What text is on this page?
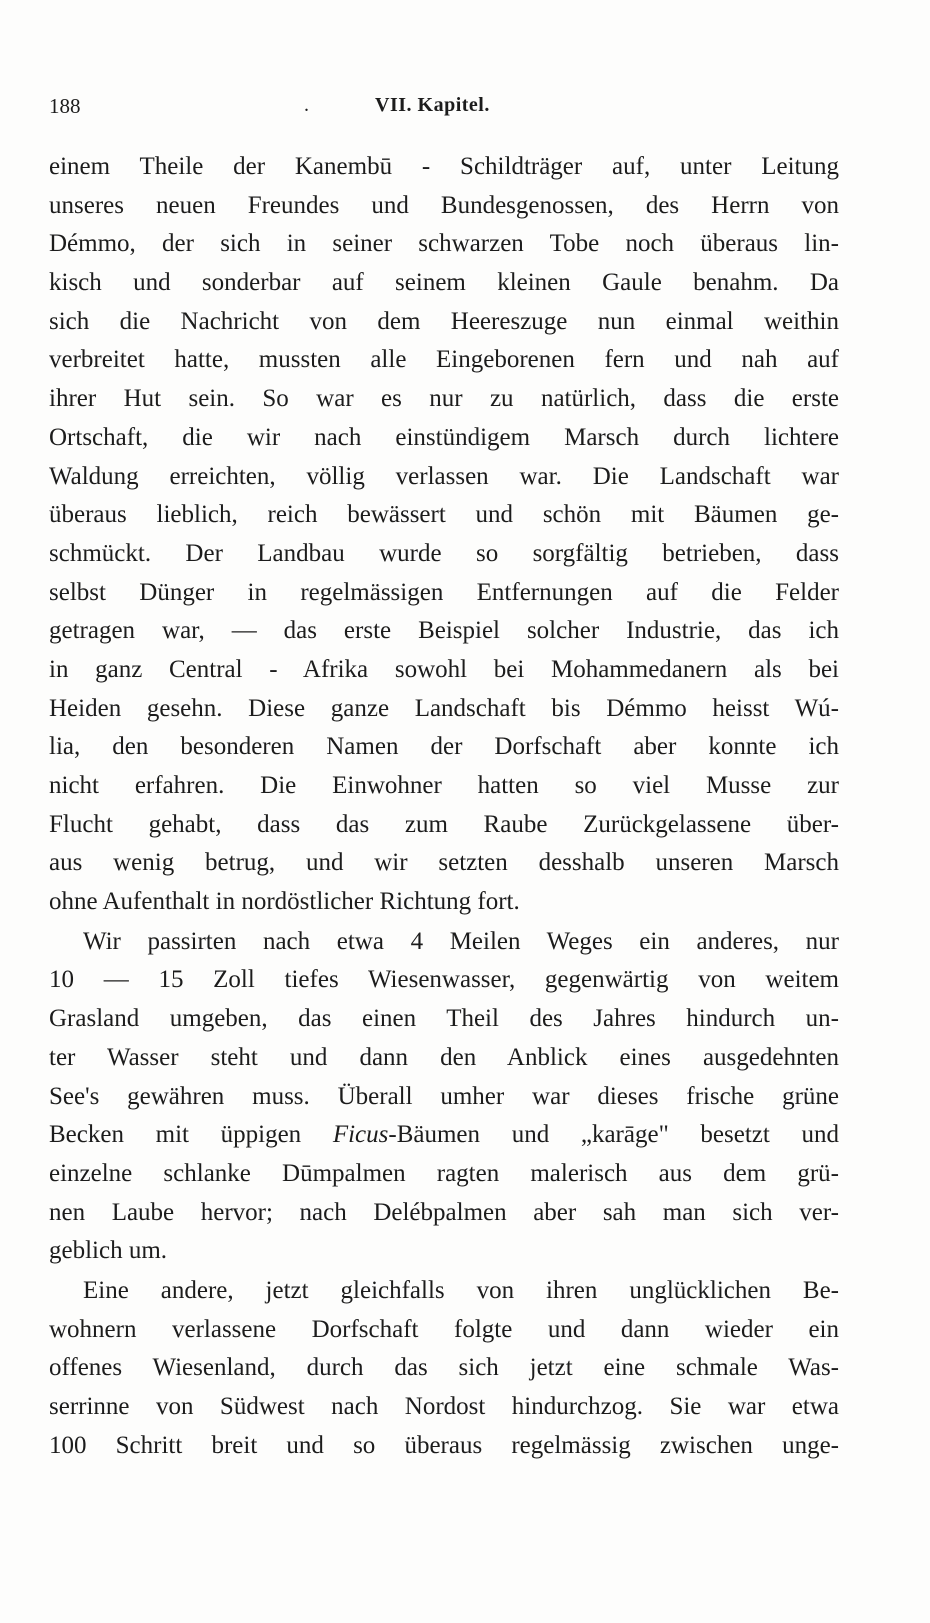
188	.	VII. Kapitel.
einem Theile der Kanembū - Schildträger auf, unter Leitung
unseres neuen Freundes und Bundesgenossen, des Herrn von
Démmo, der sich in seiner schwarzen Tobe noch überaus lin-
kisch und sonderbar auf seinem kleinen Gaule benahm. Da
sich die Nachricht von dem Heereszuge nun einmal weithin
verbreitet hatte, mussten alle Eingeborenen fern und nah auf
ihrer Hut sein. So war es nur zu natürlich, dass die erste
Ortschaft, die wir nach einstündigem Marsch durch lichtere
Waldung erreichten, völlig verlassen war. Die Landschaft war
überaus lieblich, reich bewässert und schön mit Bäumen ge-
schmückt. Der Landbau wurde so sorgfältig betrieben, dass
selbst Dünger in regelmässigen Entfernungen auf die Felder
getragen war, — das erste Beispiel solcher Industrie, das ich
in ganz Central - Afrika sowohl bei Mohammedanern als bei
Heiden gesehn. Diese ganze Landschaft bis Démmo heisst Wú-
lia, den besonderen Namen der Dorfschaft aber konnte ich
nicht erfahren. Die Einwohner hatten so viel Musse zur
Flucht gehabt, dass das zum Raube Zurückgelassene über-
aus wenig betrug, und wir setzten desshalb unseren Marsch
ohne Aufenthalt in nordöstlicher Richtung fort.
Wir passirten nach etwa 4 Meilen Weges ein anderes, nur
10 — 15 Zoll tiefes Wiesenwasser, gegenwärtig von weitem
Grasland umgeben, das einen Theil des Jahres hindurch un-
ter Wasser steht und dann den Anblick eines ausgedehnten
See's gewähren muss. Überall umher war dieses frische grüne
Becken mit üppigen Ficus-Bäumen und „karāge" besetzt und
einzelne schlanke Dūmpalmen ragten malerisch aus dem grü-
nen Laube hervor; nach Delébpalmen aber sah man sich ver-
geblich um.
Eine andere, jetzt gleichfalls von ihren unglücklichen Be-
wohnern verlassene Dorfschaft folgte und dann wieder ein
offenes Wiesenland, durch das sich jetzt eine schmale Was-
serrinne von Südwest nach Nordost hindurchzog. Sie war etwa
100 Schritt breit und so überaus regelmässig zwischen unge-
